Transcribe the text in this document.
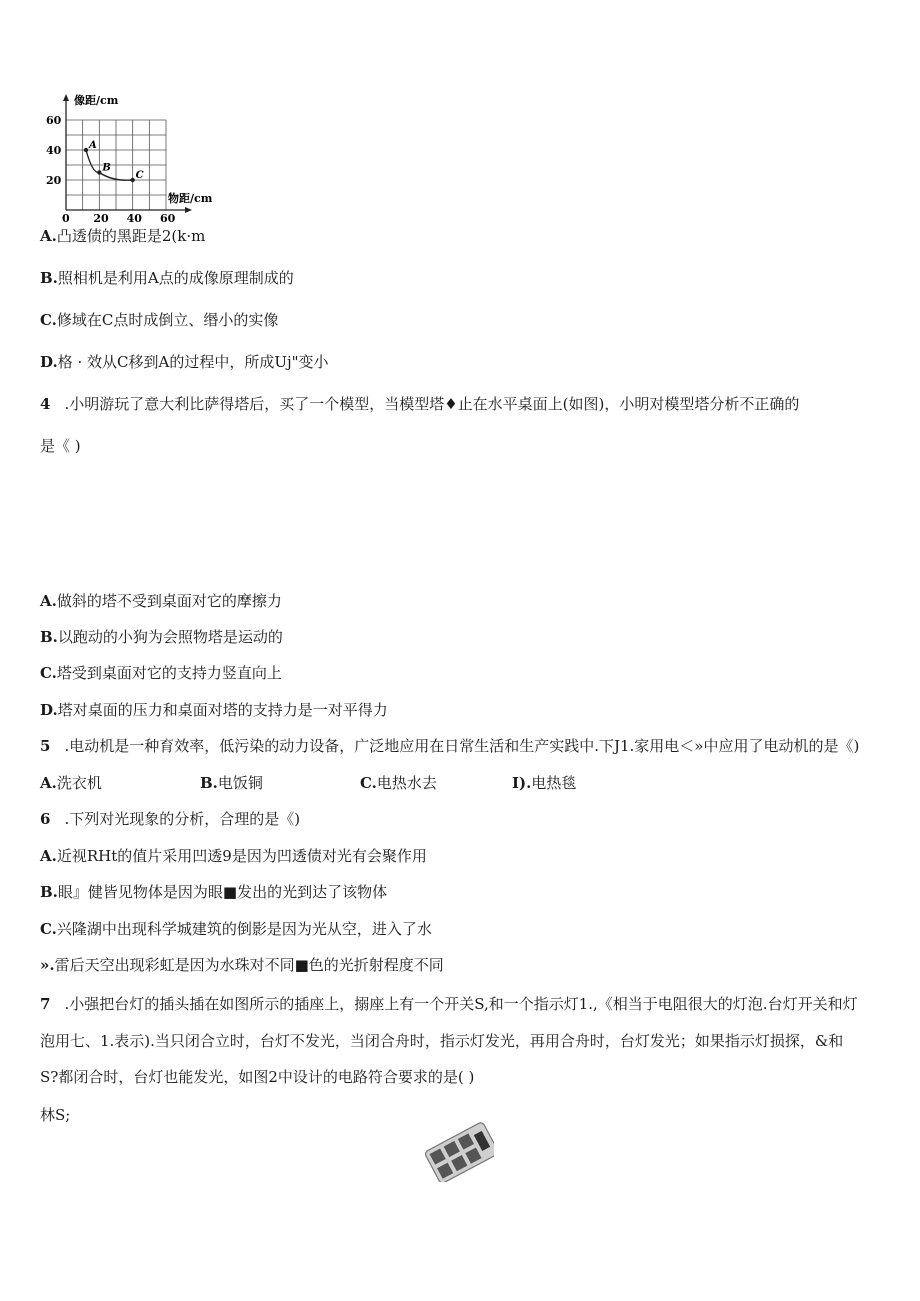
像距/cm
物距/cm
60
40
20
0 20 40 60
A
B
C
A.凸透债的黑距是2(k·m
B.照相机是利用A点的成像原理制成的
C.修域在C点时成倒立、缗小的实像
D.格 · 效从C移到A的过程中，所成Uj"变小
4 .小明游玩了意大利比萨得塔后，买了一个模型，当模型塔♦止在水平桌面上(如图)，小明对模型塔分析不正确的
是《 )
A.做斜的塔不受到桌面对它的摩擦力
B.以跑动的小狗为会照物塔是运动的
C.塔受到桌面对它的支持力竖直向上
D.塔对桌面的压力和桌面对塔的支持力是一对平得力
5 .电动机是一种育效率，低污染的动力设备，广泛地应用在日常生活和生产实践中.下J1.家用电＜»中应用了电动机的是《)
A.洗衣机	B.电饭铜	C.电热水去	I).电热毯
6 .下列对光现象的分析，合理的是《)
A.近视RHt的值片采用凹透9是因为凹透债对光有会聚作用
B.眼』健皆见物体是因为眼■发出的光到达了该物体
C.兴隆湖中出现科学城建筑的倒影是因为光从空，进入了水
».雷后天空出现彩虹是因为水珠对不同■色的光折射程度不同
7 .小强把台灯的插头插在如图所示的插座上，搦座上有一个开关S,和一个指示灯1.,《相当于电阻很大的灯泡.台灯开关和灯
泡用七、1.表示).当只闭合立时，台灯不发光，当闭合舟时，指示灯发光，再用合舟时，台灯发光；如果指示灯损探，&和
S?都闭合时，台灯也能发光，如图2中设计的电路符合要求的是( )
林S;
